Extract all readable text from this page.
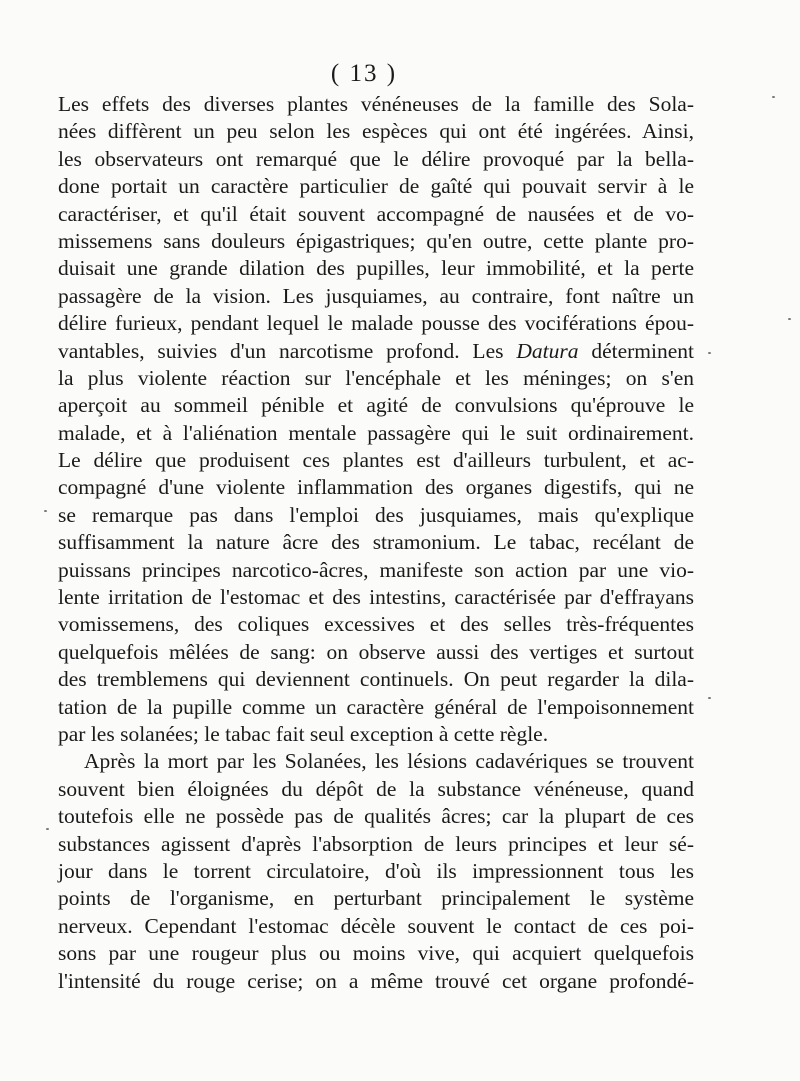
( 13 )
Les effets des diverses plantes vénéneuses de la famille des Sola-
nées diffèrent un peu selon les espèces qui ont été ingérées. Ainsi,
les observateurs ont remarqué que le délire provoqué par la bella-
done portait un caractère particulier de gaîté qui pouvait servir à le
caractériser, et qu'il était souvent accompagné de nausées et de vo-
missemens sans douleurs épigastriques; qu'en outre, cette plante pro-
duisait une grande dilation des pupilles, leur immobilité, et la perte
passagère de la vision. Les jusquiames, au contraire, font naître un
délire furieux, pendant lequel le malade pousse des vociférations épou-
vantables, suivies d'un narcotisme profond. Les Datura déterminent
la plus violente réaction sur l'encéphale et les méninges; on s'en
aperçoit au sommeil pénible et agité de convulsions qu'éprouve le
malade, et à l'aliénation mentale passagère qui le suit ordinairement.
Le délire que produisent ces plantes est d'ailleurs turbulent, et ac-
compagné d'une violente inflammation des organes digestifs, qui ne
se remarque pas dans l'emploi des jusquiames, mais qu'explique
suffisamment la nature âcre des stramonium. Le tabac, recélant de
puissans principes narcotico-âcres, manifeste son action par une vio-
lente irritation de l'estomac et des intestins, caractérisée par d'effrayans
vomissemens, des coliques excessives et des selles très-fréquentes
quelquefois mêlées de sang: on observe aussi des vertiges et surtout
des tremblemens qui deviennent continuels. On peut regarder la dila-
tation de la pupille comme un caractère général de l'empoisonnement
par les solanées; le tabac fait seul exception à cette règle.
Après la mort par les Solanées, les lésions cadavériques se trouvent
souvent bien éloignées du dépôt de la substance vénéneuse, quand
toutefois elle ne possède pas de qualités âcres; car la plupart de ces
substances agissent d'après l'absorption de leurs principes et leur sé-
jour dans le torrent circulatoire, d'où ils impressionnent tous les
points de l'organisme, en perturbant principalement le système
nerveux. Cependant l'estomac décèle souvent le contact de ces poi-
sons par une rougeur plus ou moins vive, qui acquiert quelquefois
l'intensité du rouge cerise; on a même trouvé cet organe profondé-
